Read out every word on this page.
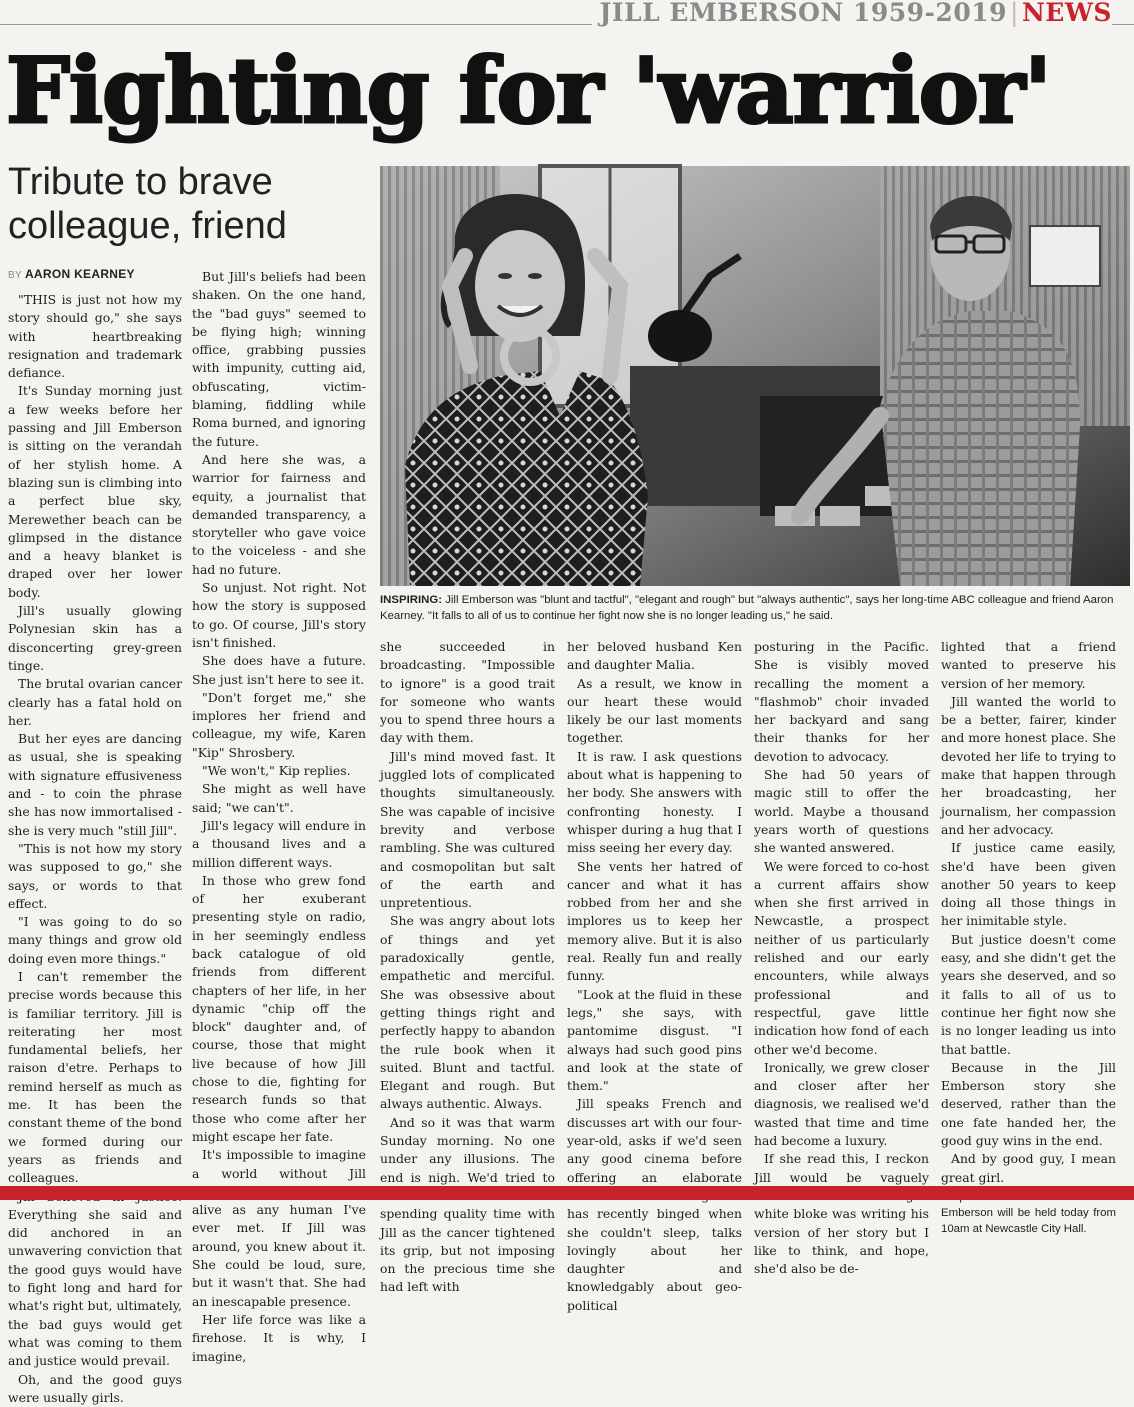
JILL EMBERSON 1959-2019 | NEWS
Fighting for 'warrior'
Tribute to brave colleague, friend
BY AARON KEARNEY
INSPIRING: Jill Emberson was "blunt and tactful", "elegant and rough" but "always authentic", says her long-time ABC colleague and friend Aaron Kearney. "It falls to all of us to continue her fight now she is no longer leading us," he said.

"THIS is just not how my story should go," she says with heartbreaking resignation and trademark defiance.

It's Sunday morning just a few weeks before her passing and Jill Emberson is sitting on the verandah of her stylish home. A blazing sun is climbing into a perfect blue sky, Merewether beach can be glimpsed in the distance and a heavy blanket is draped over her lower body.

Jill's usually glowing Polynesian skin has a disconcerting grey-green tinge.

The brutal ovarian cancer clearly has a fatal hold on her.

But her eyes are dancing as usual, she is speaking with signature effusiveness and - to coin the phrase she has now immortalised - she is very much "still Jill".

"This is not how my story was supposed to go," she says, or words to that effect.

"I was going to do so many things and grow old doing even more things."

I can't remember the precise words because this is familiar territory. Jill is reiterating her most fundamental beliefs, her raison d'etre. Perhaps to remind herself as much as me. It has been the constant theme of the bond we formed during our years as friends and colleagues.

Everything she said and did anchored in an unwavering conviction that the good guys would have to fight long and hard for what's right but, ultimately, the bad guys would get what was coming to them and justice would prevail.

Oh, and the good guys were usually girls.

But Jill's beliefs had been shaken. On the one hand, the "bad guys" seemed to be flying high; winning office, grabbing pussies with impunity, cutting aid, obfuscating, victim-blaming, fiddling while Roma burned, and ignoring the future.

And here she was, a warrior for fairness and equity, a journalist that demanded transparency, a storyteller who gave voice to the voiceless - and she had no future.

So unjust. Not right. Not how the story is supposed to go. Of course, Jill's story isn't finished.

She does have a future. She just isn't here to see it.

"Don't forget me," she implores her friend and colleague, my wife, Karen "Kip" Shrosbery.

"We won't," Kip replies.

She might as well have said; "we can't".

Jill's legacy will endure in a thousand lives and a million different ways.

In those who grew fond of her exuberant presenting style on radio, in her seemingly endless back catalogue of old friends from different chapters of her life, in her dynamic "chip off the block" daughter and, of course, those that might live because of how Jill chose to die, fighting for research funds so that those who come after her might escape her fate.

It's impossible to imagine a world without Jill alive as any human I've ever met. If Jill was around, you knew about it. She could be loud, sure, but it wasn't that. She had an inescapable presence.

Her life force was like a firehose. It is why, I imagine,

she succeeded in broadcasting. "Impossible to ignore" is a good trait for someone who wants you to spend three hours a day with them.

Jill's mind moved fast. It juggled lots of complicated thoughts simultaneously. She was capable of incisive brevity and verbose rambling. She was cultured and cosmopolitan but salt of the earth and unpretentious.

She was angry about lots of things and yet paradoxically gentle, empathetic and merciful. She was obsessive about getting things right and perfectly happy to abandon the rule book when it suited. Blunt and tactful. Elegant and rough. But always authentic. Always.

And so it was that warm Sunday morning. No one under any illusions. The end is nigh. We'd tried to spending quality time with Jill as the cancer tightened its grip, but not imposing on the precious time she had left with

her beloved husband Ken and daughter Malia.

As a result, we know in our heart these would likely be our last moments together.

It is raw. I ask questions about what is happening to her body. She answers with confronting honesty. I whisper during a hug that I miss seeing her every day.

She vents her hatred of cancer and what it has robbed from her and she implores us to keep her memory alive. But it is also real. Really fun and really funny.

"Look at the fluid in these legs," she says, with pantomime disgust. "I always had such good pins and look at the state of them."

Jill speaks French and discusses art with our four-year-old, asks if we'd seen any good cinema before offering an elaborate has recently binged when she couldn't sleep, talks lovingly about her daughter and knowledgably about geo-political

posturing in the Pacific. She is visibly moved recalling the moment a "flashmob" choir invaded her backyard and sang their thanks for her devotion to advocacy.

She had 50 years of magic still to offer the world. Maybe a thousand years worth of questions she wanted answered.

We were forced to co-host a current affairs show when she first arrived in Newcastle, a prospect neither of us particularly relished and our early encounters, while always professional and respectful, gave little indication how fond of each other we'd become.

Ironically, we grew closer and closer after her diagnosis, we realised we'd wasted that time and time had become a luxury.

If she read this, I reckon Jill would be vaguely white bloke was writing his version of her story but I like to think, and hope, she'd also be de-

lighted that a friend wanted to preserve his version of her memory.

Jill wanted the world to be a better, fairer, kinder and more honest place. She devoted her life to trying to make that happen through her broadcasting, her journalism, her compassion and her advocacy.

If justice came easily, she'd have been given another 50 years to keep doing all those things in her inimitable style.

But justice doesn't come easy, and she didn't get the years she deserved, and so it falls to all of us to continue her fight now she is no longer leading us into that battle.

Because in the Jill Emberson story she deserved, rather than the one fate handed her, the good guy wins in the end.

And by good guy, I mean great girl.

Emberson will be held today from 10am at Newcastle City Hall.
